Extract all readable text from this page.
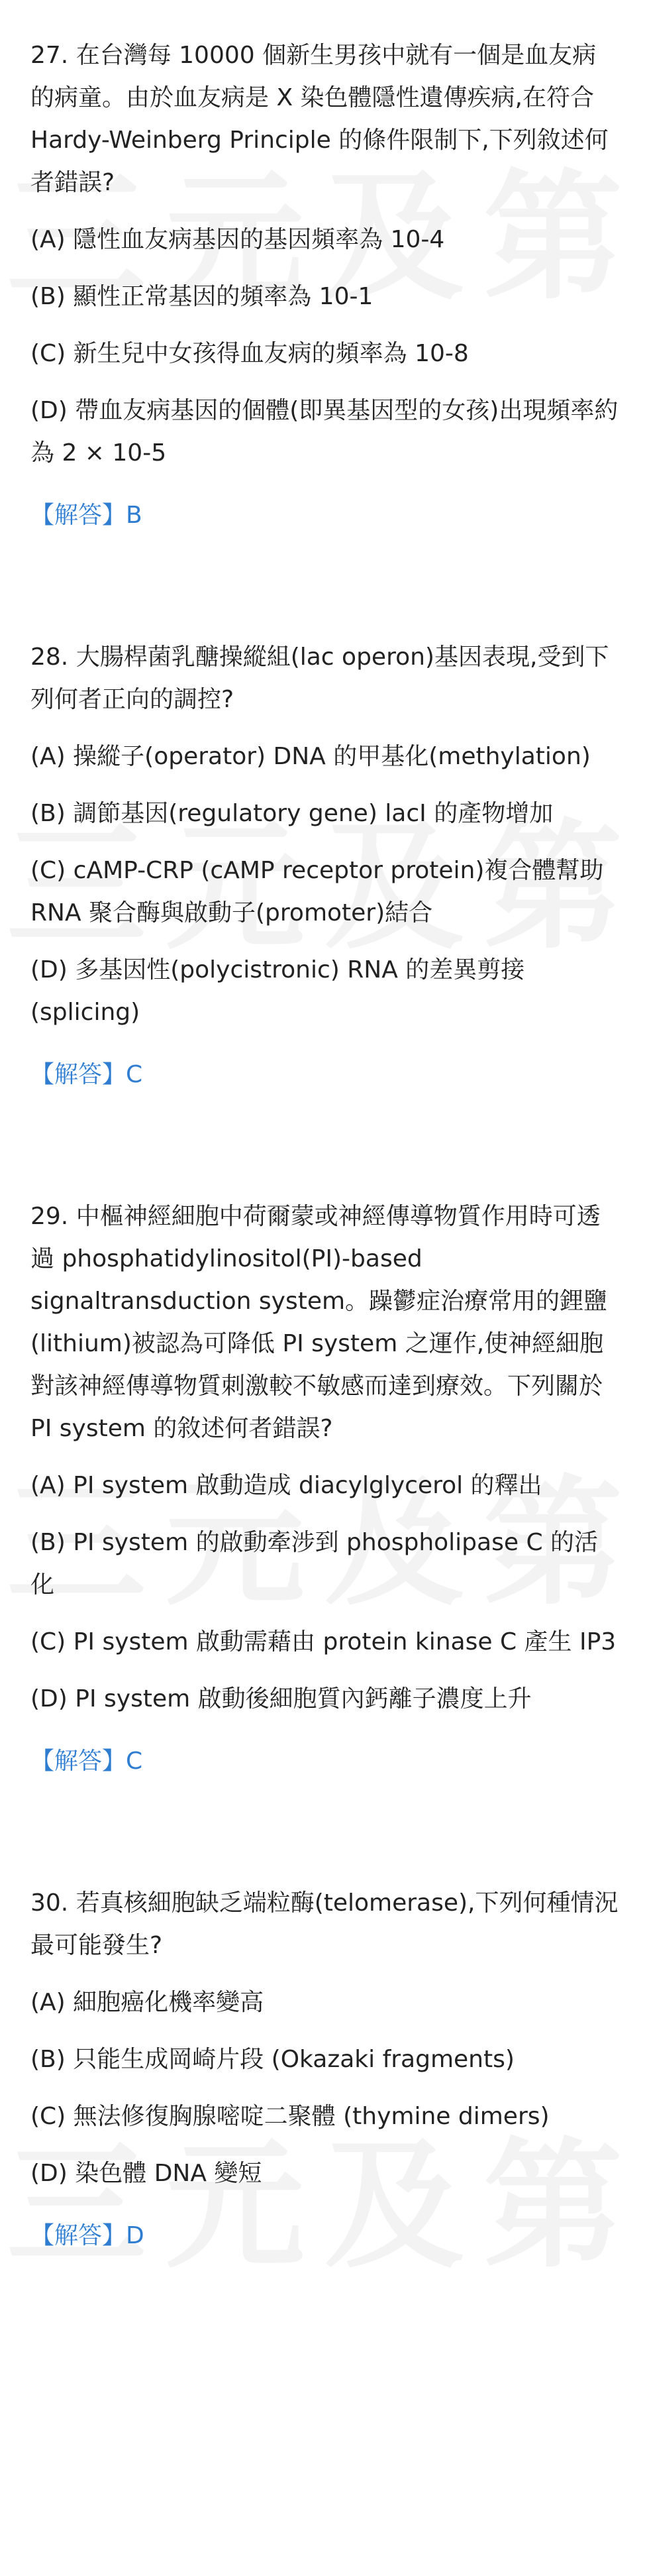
27. 在台灣每 10000 個新生男孩中就有一個是血友病的病童。由於血友病是 X 染色體隱性遺傳疾病,在符合 Hardy-Weinberg Principle 的條件限制下,下列敘述何者錯誤?

(A) 隱性血友病基因的基因頻率為 10-4

(B) 顯性正常基因的頻率為 10-1

(C) 新生兒中女孩得血友病的頻率為 10-8

(D) 帶血友病基因的個體(即異基因型的女孩)出現頻率約為 2 × 10-5

【解答】B

28. 大腸桿菌乳醣操縱組(lac operon)基因表現,受到下列何者正向的調控?

(A) 操縱子(operator) DNA 的甲基化(methylation)

(B) 調節基因(regulatory gene) lacI 的產物增加

(C) cAMP-CRP (cAMP receptor protein)複合體幫助 RNA 聚合酶與啟動子(promoter)結合

(D) 多基因性(polycistronic) RNA 的差異剪接(splicing)

【解答】C

29. 中樞神經細胞中荷爾蒙或神經傳導物質作用時可透過 phosphatidylinositol(PI)-based signaltransduction system。躁鬱症治療常用的鋰鹽(lithium)被認為可降低 PI system 之運作,使神經細胞對該神經傳導物質刺激較不敏感而達到療效。下列關於 PI system 的敘述何者錯誤?

(A) PI system 啟動造成 diacylglycerol 的釋出

(B) PI system 的啟動牽涉到 phospholipase C 的活化

(C) PI system 啟動需藉由 protein kinase C 產生 IP3

(D) PI system 啟動後細胞質內鈣離子濃度上升

【解答】C

30. 若真核細胞缺乏端粒酶(telomerase),下列何種情況最可能發生?

(A) 細胞癌化機率變高

(B) 只能生成岡崎片段 (Okazaki fragments)

(C) 無法修復胸腺嘧啶二聚體 (thymine dimers)

(D) 染色體 DNA 變短

【解答】D
